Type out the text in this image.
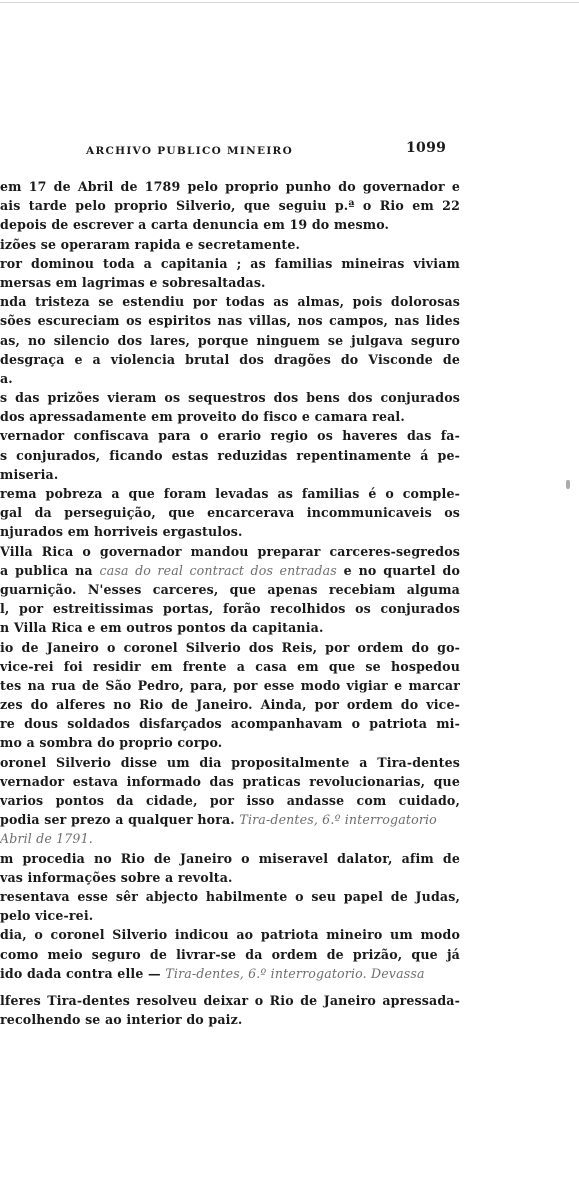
ARCHIVO PUBLICO MINEIRO	1099
em 17 de Abril de 1789 pelo proprio punho do governador e
ais tarde pelo proprio Silverio, que seguiu p.ª o Rio em 22
depois de escrever a carta denuncia em 19 do mesmo.
izões se operaram rapida e secretamente.
ror dominou toda a capitania ; as familias mineiras viviam
mersas em lagrimas e sobresaltadas.
nda tristeza se estendiu por todas as almas, pois dolorosas
sões escureciam os espiritos nas villas, nos campos, nas lides
as, no silencio dos lares, porque ninguem se julgava seguro
desgraça e a violencia brutal dos dragões do Visconde de
a.
s das prizões vieram os sequestros dos bens dos conjurados
dos apressadamente em proveito do fisco e camara real.
vernador confiscava para o erario regio os haveres das fa-
s conjurados, ficando estas reduzidas repentinamente á pe-
miseria.
rema pobreza a que foram levadas as familias é o comple-
gal da perseguição, que encarcerava incommunicaveis os
njurados em horriveis ergastulos.
Villa Rica o governador mandou preparar carceres-segredos
a publica na casa do real contract dos entradas e no quartel do
guarnição. N'esses carceres, que apenas recebiam alguma
l, por estreitissimas portas, forão recolhidos os conjurados
n Villa Rica e em outros pontos da capitania.
io de Janeiro o coronel Silverio dos Reis, por ordem do go-
vice-rei foi residir em frente a casa em que se hospedou
tes na rua de São Pedro, para, por esse modo vigiar e marcar
zes do alferes no Rio de Janeiro. Ainda, por ordem do vice-
re dous soldados disfarçados acompanhavam o patriota mi-
mo a sombra do proprio corpo.
oronel Silverio disse um dia propositalmente a Tira-dentes
vernador estava informado das praticas revolucionarias, que
varios pontos da cidade, por isso andasse com cuidado,
podia ser prezo a qualquer hora. Tira-dentes, 6.º interrogatorio
Abril de 1791.
m procedia no Rio de Janeiro o miseravel dalator, afim de
vas informações sobre a revolta.
resentava esse sêr abjecto habilmente o seu papel de Judas,
pelo vice-rei.
dia, o coronel Silverio indicou ao patriota mineiro um modo
como meio seguro de livrar-se da ordem de prizão, que já
ido dada contra elle — Tira-dentes, 6.º interrogatorio. Devassa
lferes Tira-dentes resolveu deixar o Rio de Janeiro apressada-
recolhendo se ao interior do paiz.
